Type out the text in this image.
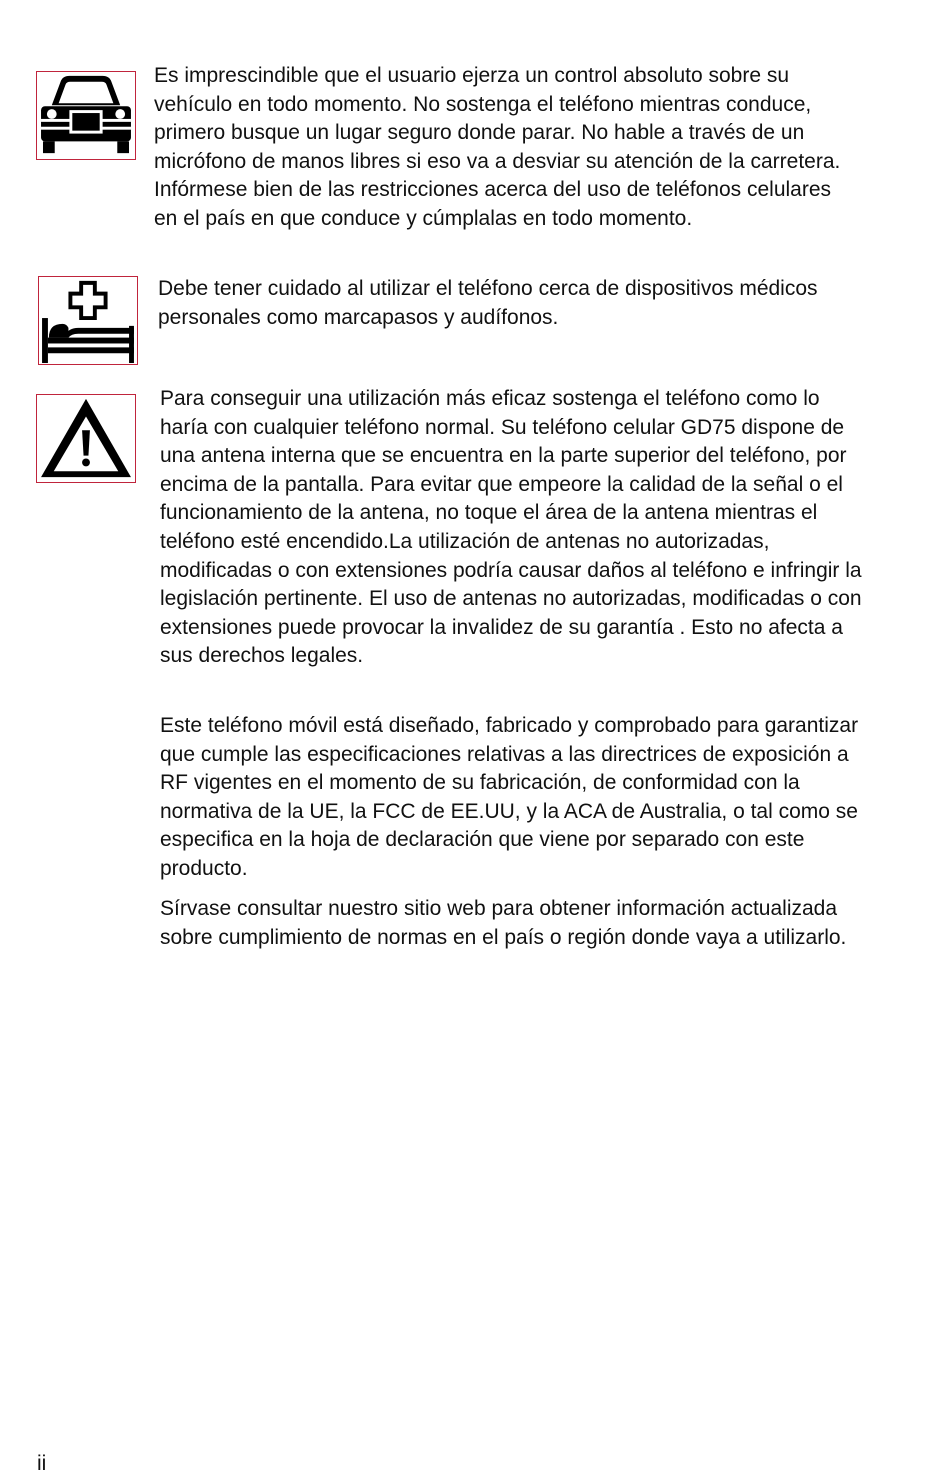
Es imprescindible que el usuario ejerza un control absoluto sobre su vehículo en todo momento. No sostenga el teléfono mientras conduce, primero busque un lugar seguro donde parar. No hable a través de un micrófono de manos libres si eso va a desviar su atención de la carretera. Infórmese bien de las restricciones acerca del uso de teléfonos celulares en el país en que conduce y cúmplalas en todo momento.

Debe tener cuidado al utilizar el teléfono cerca de dispositivos médicos personales como marcapasos y audífonos.

Para conseguir una utilización más eficaz sostenga el teléfono como lo haría con cualquier teléfono normal. Su teléfono celular GD75 dispone de una antena interna que se encuentra en la parte superior del teléfono, por encima de la pantalla. Para evitar que empeore la calidad de la señal o el funcionamiento de la antena, no toque el área de la antena mientras el teléfono esté encendido.La utilización de antenas no autorizadas, modificadas o con extensiones podría causar daños al teléfono e infringir la legislación pertinente. El uso de antenas no autorizadas, modificadas o con extensiones puede provocar la invalidez de su garantía . Esto no afecta a sus derechos legales.

Este teléfono móvil está diseñado, fabricado y comprobado para garantizar que cumple las especificaciones relativas a las directrices de exposición a RF vigentes en el momento de su fabricación, de conformidad con la normativa de la UE, la FCC de EE.UU, y la ACA de Australia, o tal como se especifica en la hoja de declaración que viene por separado con este producto.

Sírvase consultar nuestro sitio web para obtener información actualizada sobre cumplimiento de normas en el país o región donde vaya a utilizarlo.

ii
